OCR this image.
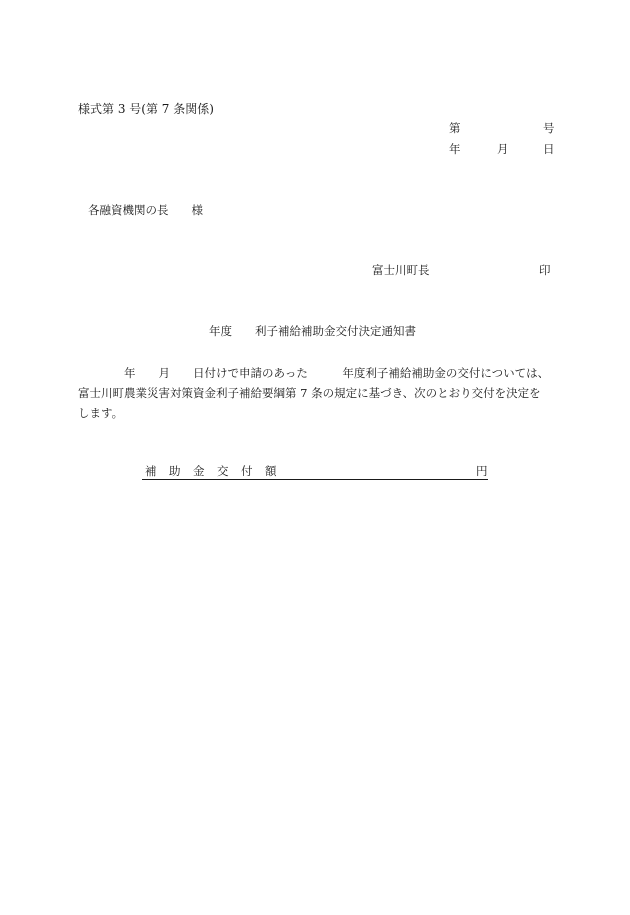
様式第 3 号(第 7 条関係)
第	号
年	月	日
各融資機関の長　　様
富士川町長	印
年度　　利子補給補助金交付決定通知書
　　　　年　　月　　日付けで申請のあった　　　年度利子補給補助金の交付については、
富士川町農業災害対策資金利子補給要綱第 7 条の規定に基づき、次のとおり交付を決定を
します。
補 助 金 交 付 額	円
